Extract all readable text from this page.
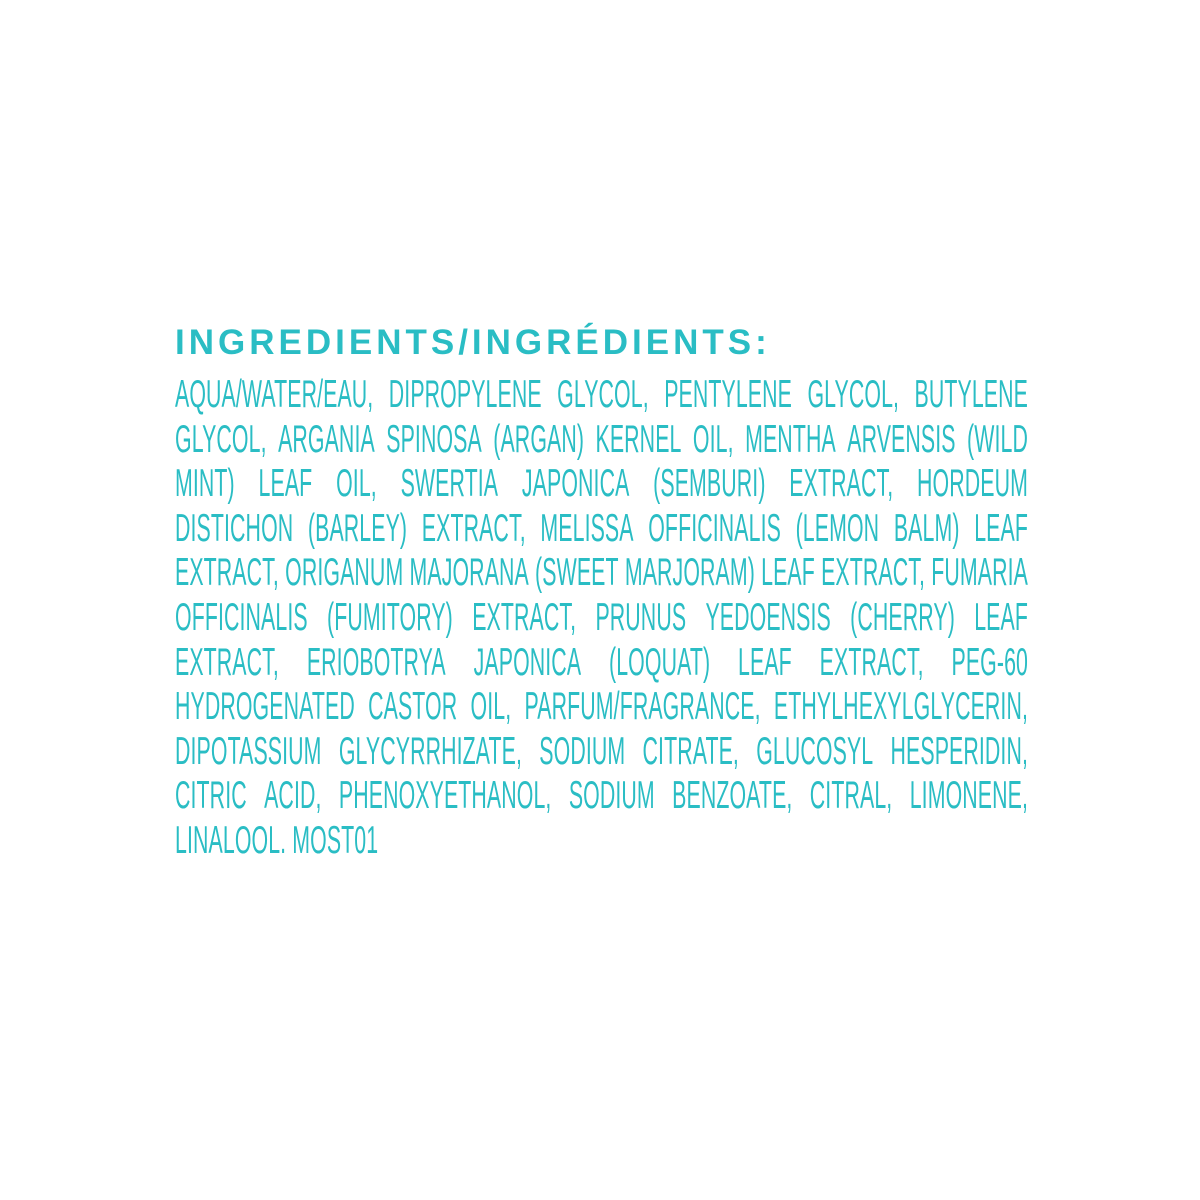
INGREDIENTS/INGRÉDIENTS:
AQUA/WATER/EAU, DIPROPYLENE GLYCOL, PENTYLENE GLYCOL, BUTYLENE
GLYCOL, ARGANIA SPINOSA (ARGAN) KERNEL OIL, MENTHA ARVENSIS (WILD
MINT) LEAF OIL, SWERTIA JAPONICA (SEMBURI) EXTRACT, HORDEUM
DISTICHON (BARLEY) EXTRACT, MELISSA OFFICINALIS (LEMON BALM) LEAF
EXTRACT, ORIGANUM MAJORANA (SWEET MARJORAM) LEAF EXTRACT, FUMARIA
OFFICINALIS (FUMITORY) EXTRACT, PRUNUS YEDOENSIS (CHERRY) LEAF
EXTRACT, ERIOBOTRYA JAPONICA (LOQUAT) LEAF EXTRACT, PEG-60
HYDROGENATED CASTOR OIL, PARFUM/FRAGRANCE, ETHYLHEXYLGLYCERIN,
DIPOTASSIUM GLYCYRRHIZATE, SODIUM CITRATE, GLUCOSYL HESPERIDIN,
CITRIC ACID, PHENOXYETHANOL, SODIUM BENZOATE, CITRAL, LIMONENE,
LINALOOL. MOST01
